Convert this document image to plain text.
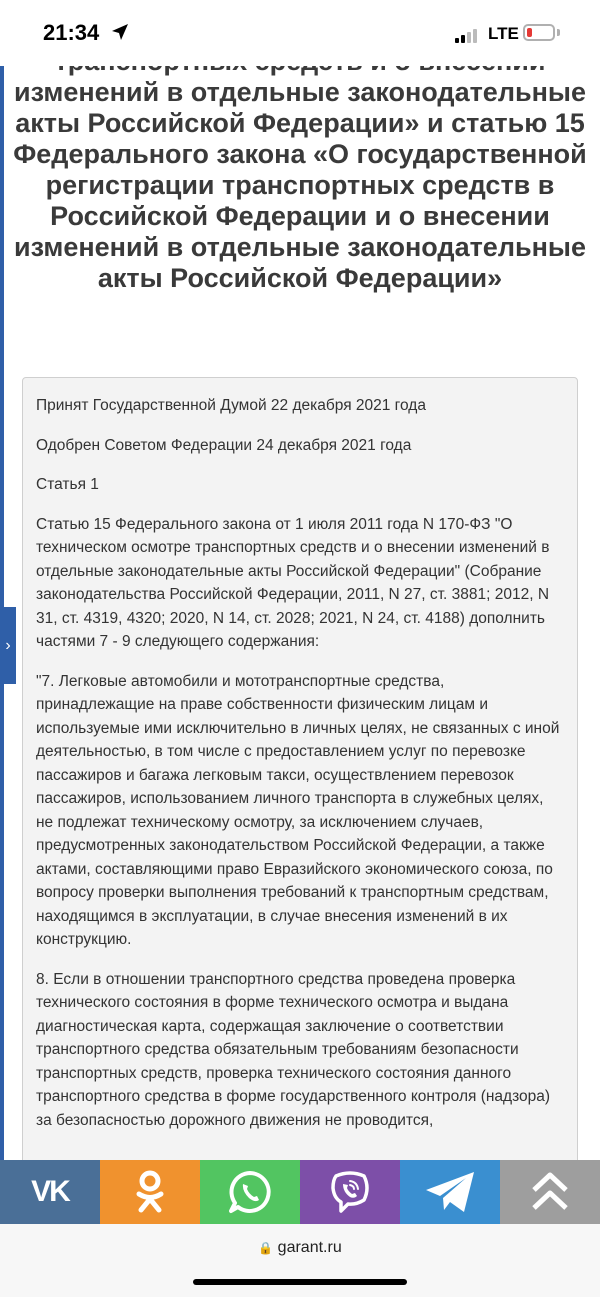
21:34	LTE
›
изменений в отдельные законодательные акты Российской Федерации» и статью 15 Федерального закона «О государственной регистрации транспортных средств в Российской Федерации и о внесении изменений в отдельные законодательные акты Российской Федерации»

Принят Государственной Думой 22 декабря 2021 года

Одобрен Советом Федерации 24 декабря 2021 года

Статья 1

Статью 15 Федерального закона от 1 июля 2011 года N 170-ФЗ "О техническом осмотре транспортных средств и о внесении изменений в отдельные законодательные акты Российской Федерации" (Собрание законодательства Российской Федерации, 2011, N 27, ст. 3881; 2012, N 31, ст. 4319, 4320; 2020, N 14, ст. 2028; 2021, N 24, ст. 4188) дополнить частями 7 - 9 следующего содержания:

"7. Легковые автомобили и мототранспортные средства, принадлежащие на праве собственности физическим лицам и используемые ими исключительно в личных целях, не связанных с иной деятельностью, в том числе с предоставлением услуг по перевозке пассажиров и багажа легковым такси, осуществлением перевозок пассажиров, использованием личного транспорта в служебных целях, не подлежат техническому осмотру, за исключением случаев, предусмотренных законодательством Российской Федерации, а также актами, составляющими право Евразийского экономического союза, по вопросу проверки выполнения требований к транспортным средствам, находящимся в эксплуатации, в случае внесения изменений в их конструкцию.

8. Если в отношении транспортного средства проведена проверка технического состояния в форме технического осмотра и выдана диагностическая карта, содержащая заключение о соответствии транспортного средства обязательным требованиям безопасности транспортных средств, проверка технического состояния данного транспортного средства в форме государственного контроля (надзора) за безопасностью дорожного движения не проводится,

VK
🔒 garant.ru
